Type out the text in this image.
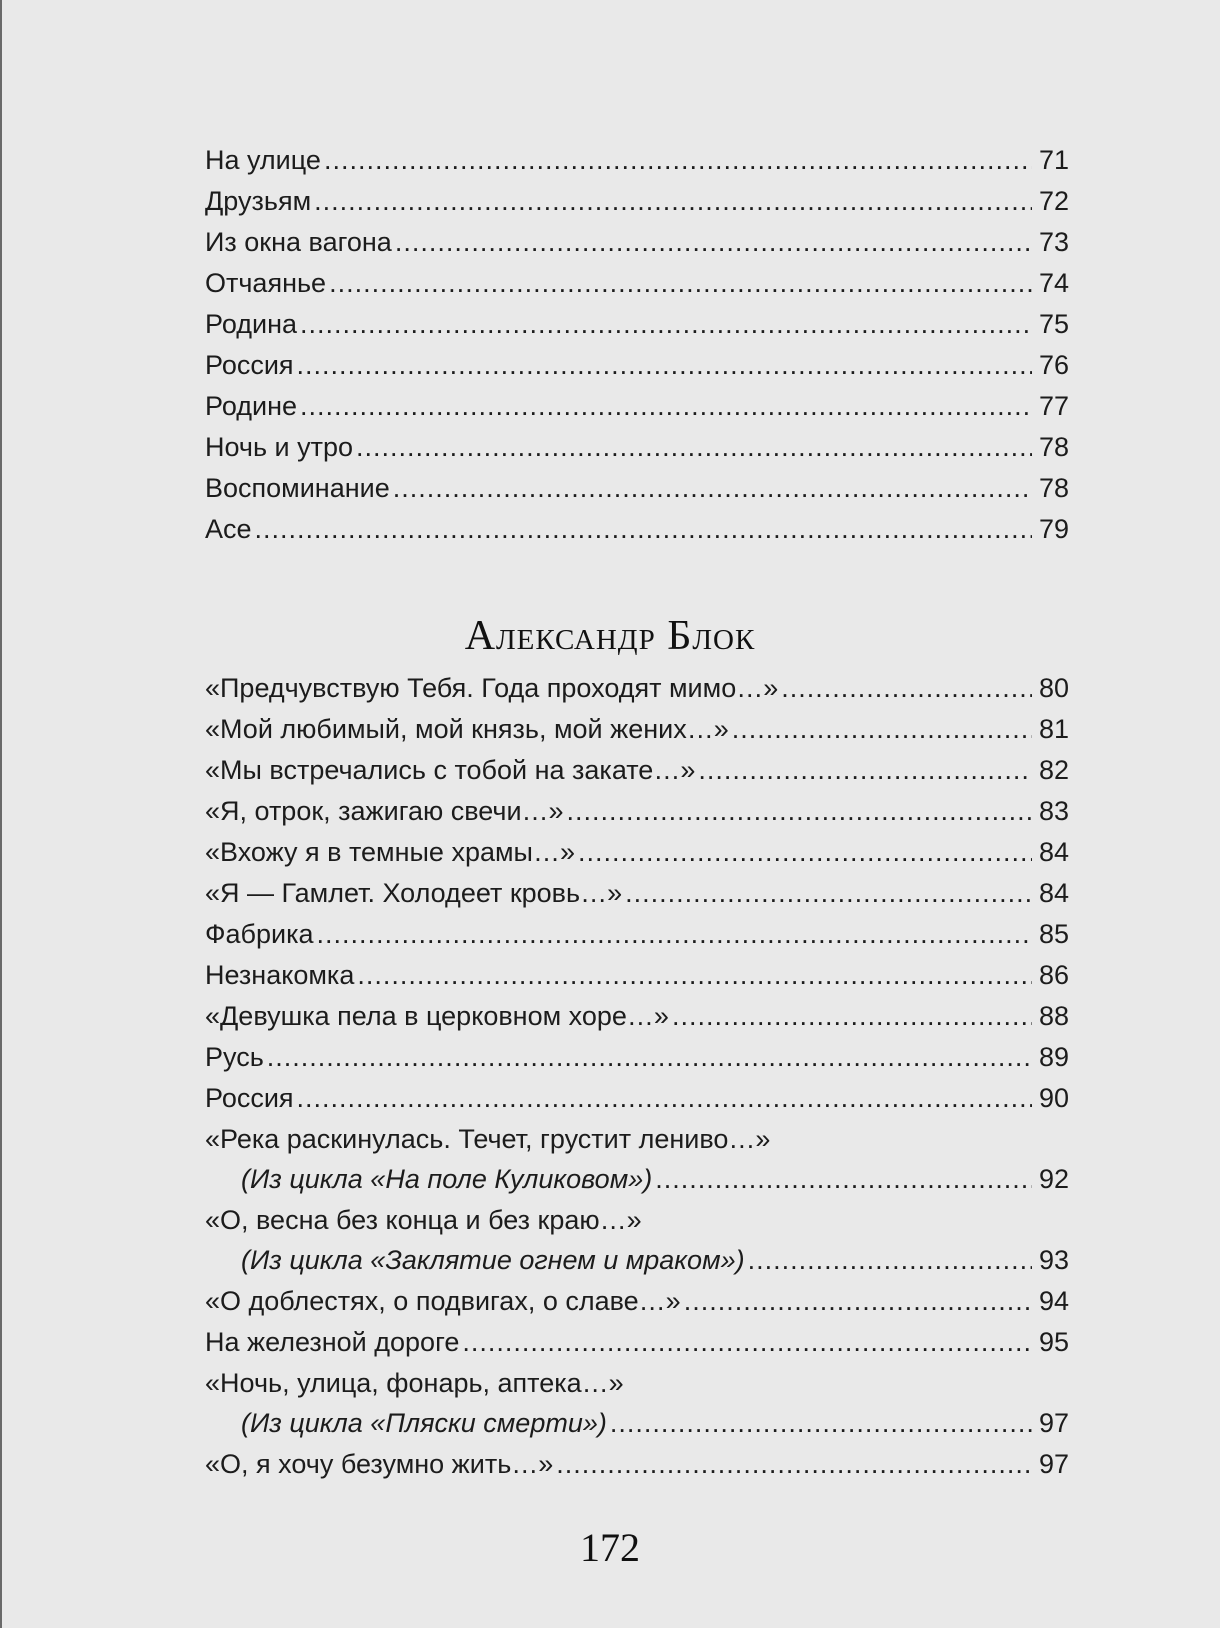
На улице .....	71
Друзьям .....	72
Из окна вагона .....	73
Отчаянье .....	74
Родина .....	75
Россия .....	76
Родине .....	77
Ночь и утро .....	78
Воспоминание .....	78
Асе .....	79
Александр Блок
«Предчувствую Тебя. Года проходят мимо…» .....	80
«Мой любимый, мой князь, мой жених…» .....	81
«Мы встречались с тобой на закате…» .....	82
«Я, отрок, зажигаю свечи…» .....	83
«Вхожу я в темные храмы…» .....	84
«Я — Гамлет. Холодеет кровь…» .....	84
Фабрика .....	85
Незнакомка .....	86
«Девушка пела в церковном хоре…» .....	88
Русь .....	89
Россия .....	90
«Река раскинулась. Течет, грустит лениво…»
(Из цикла «На поле Куликовом») .....	92
«О, весна без конца и без краю…»
(Из цикла «Заклятие огнем и мраком») .....	93
«О доблестях, о подвигах, о славе…» .....	94
На железной дороге .....	95
«Ночь, улица, фонарь, аптека…»
(Из цикла «Пляски смерти») .....	97
«О, я хочу безумно жить…» .....	97
172
